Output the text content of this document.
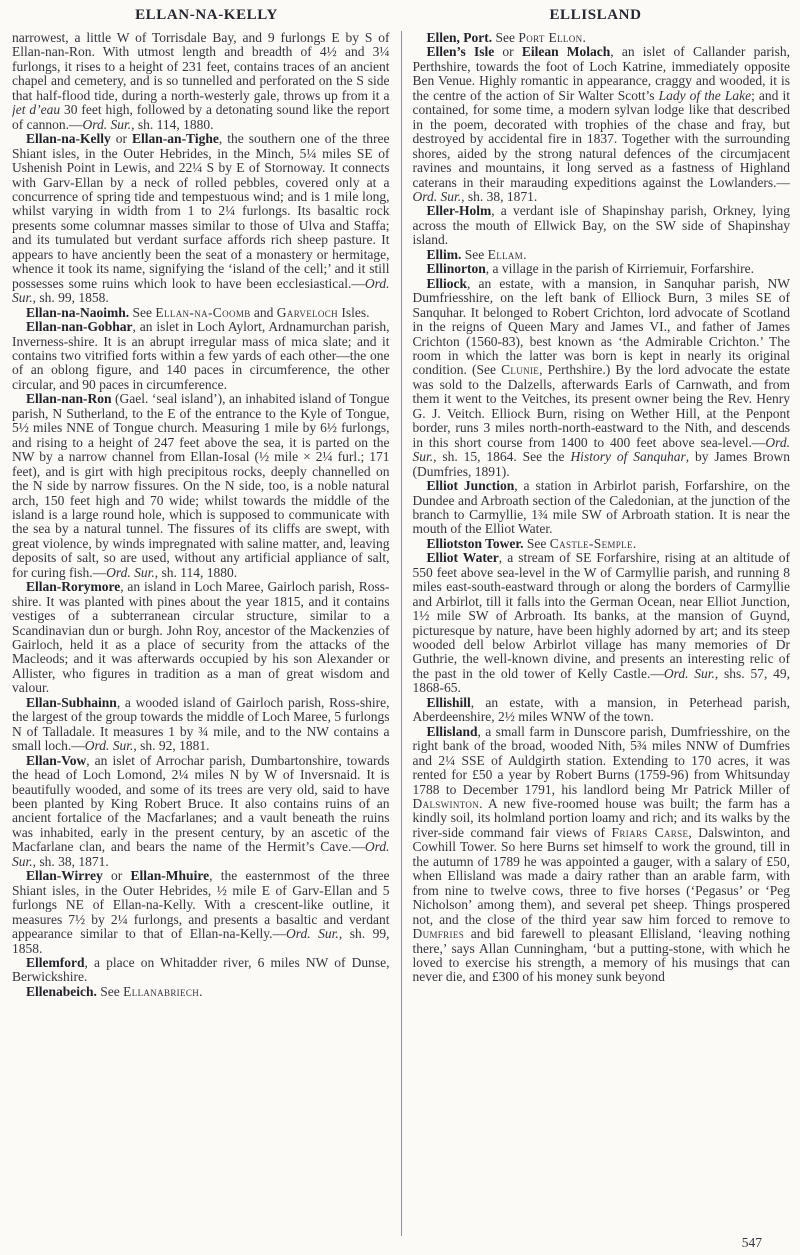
ELLAN-NA-KELLY	ELLISLAND

narrowest, a little W of Torrisdale Bay, and 9 furlongs E by S of Ellan-nan-Ron. With utmost length and breadth of 4½ and 3¼ furlongs, it rises to a height of 231 feet, contains traces of an ancient chapel and cemetery, and is so tunnelled and perforated on the S side that half-flood tide, during a north-westerly gale, throws up from it a jet d’eau 30 feet high, followed by a detonating sound like the report of cannon.—Ord. Sur., sh. 114, 1880.

Ellan-na-Kelly or Ellan-an-Tighe, the southern one of the three Shiant isles, in the Outer Hebrides, in the Minch, 5¼ miles SE of Ushenish Point in Lewis, and 22¼ S by E of Stornoway. It connects with Garv-Ellan by a neck of rolled pebbles, covered only at a concurrence of spring tide and tempestuous wind; and is 1 mile long, whilst varying in width from 1 to 2¼ furlongs. Its basaltic rock presents some columnar masses similar to those of Ulva and Staffa; and its tumulated but verdant surface affords rich sheep pasture. It appears to have anciently been the seat of a monastery or hermitage, whence it took its name, signifying the ‘island of the cell;’ and it still possesses some ruins which look to have been ecclesiastical.—Ord. Sur., sh. 99, 1858.

Ellan-na-Naoimh. See Ellan-na-Coomb and Garveloch Isles.

Ellan-nan-Gobhar, an islet in Loch Aylort, Ardnamurchan parish, Inverness-shire. It is an abrupt irregular mass of mica slate; and it contains two vitrified forts within a few yards of each other—the one of an oblong figure, and 140 paces in circumference, the other circular, and 90 paces in circumference.

Ellan-nan-Ron (Gael. ‘seal island’), an inhabited island of Tongue parish, N Sutherland, to the E of the entrance to the Kyle of Tongue, 5½ miles NNE of Tongue church. Measuring 1 mile by 6½ furlongs, and rising to a height of 247 feet above the sea, it is parted on the NW by a narrow channel from Ellan-Iosal (½ mile × 2¼ furl.; 171 feet), and is girt with high precipitous rocks, deeply channelled on the N side by narrow fissures. On the N side, too, is a noble natural arch, 150 feet high and 70 wide; whilst towards the middle of the island is a large round hole, which is supposed to communicate with the sea by a natural tunnel. The fissures of its cliffs are swept, with great violence, by winds impregnated with saline matter, and, leaving deposits of salt, so are used, without any artificial appliance of salt, for curing fish.—Ord. Sur., sh. 114, 1880.

Ellan-Rorymore, an island in Loch Maree, Gairloch parish, Ross-shire. It was planted with pines about the year 1815, and it contains vestiges of a subterranean circular structure, similar to a Scandinavian dun or burgh. John Roy, ancestor of the Mackenzies of Gairloch, held it as a place of security from the attacks of the Macleods; and it was afterwards occupied by his son Alexander or Allister, who figures in tradition as a man of great wisdom and valour.

Ellan-Subhainn, a wooded island of Gairloch parish, Ross-shire, the largest of the group towards the middle of Loch Maree, 5 furlongs N of Talladale. It measures 1 by ¾ mile, and to the NW contains a small loch.—Ord. Sur., sh. 92, 1881.

Ellan-Vow, an islet of Arrochar parish, Dumbartonshire, towards the head of Loch Lomond, 2¼ miles N by W of Inversnaid. It is beautifully wooded, and some of its trees are very old, said to have been planted by King Robert Bruce. It also contains ruins of an ancient fortalice of the Macfarlanes; and a vault beneath the ruins was inhabited, early in the present century, by an ascetic of the Macfarlane clan, and bears the name of the Hermit’s Cave.—Ord. Sur., sh. 38, 1871.

Ellan-Wirrey or Ellan-Mhuire, the easternmost of the three Shiant isles, in the Outer Hebrides, ½ mile E of Garv-Ellan and 5 furlongs NE of Ellan-na-Kelly. With a crescent-like outline, it measures 7½ by 2¼ furlongs, and presents a basaltic and verdant appearance similar to that of Ellan-na-Kelly.—Ord. Sur., sh. 99, 1858.

Ellemford, a place on Whitadder river, 6 miles NW of Dunse, Berwickshire.

Ellenabeich. See Ellanabriech.

Ellen, Port. See Port Ellon.

Ellen’s Isle or Eilean Molach, an islet of Callander parish, Perthshire, towards the foot of Loch Katrine, immediately opposite Ben Venue. Highly romantic in appearance, craggy and wooded, it is the centre of the action of Sir Walter Scott’s Lady of the Lake; and it contained, for some time, a modern sylvan lodge like that described in the poem, decorated with trophies of the chase and fray, but destroyed by accidental fire in 1837. Together with the surrounding shores, aided by the strong natural defences of the circumjacent ravines and mountains, it long served as a fastness of Highland caterans in their marauding expeditions against the Lowlanders.—Ord. Sur., sh. 38, 1871.

Eller-Holm, a verdant isle of Shapinshay parish, Orkney, lying across the mouth of Ellwick Bay, on the SW side of Shapinshay island.

Ellim. See Ellam.

Ellinorton, a village in the parish of Kirriemuir, Forfarshire.

Elliock, an estate, with a mansion, in Sanquhar parish, NW Dumfriesshire, on the left bank of Elliock Burn, 3 miles SE of Sanquhar. It belonged to Robert Crichton, lord advocate of Scotland in the reigns of Queen Mary and James VI., and father of James Crichton (1560-83), best known as ‘the Admirable Crichton.’ The room in which the latter was born is kept in nearly its original condition. (See Clunie, Perthshire.) By the lord advocate the estate was sold to the Dalzells, afterwards Earls of Carnwath, and from them it went to the Veitches, its present owner being the Rev. Henry G. J. Veitch. Elliock Burn, rising on Wether Hill, at the Penpont border, runs 3 miles north-north-eastward to the Nith, and descends in this short course from 1400 to 400 feet above sea-level.—Ord. Sur., sh. 15, 1864. See the History of Sanquhar, by James Brown (Dumfries, 1891).

Elliot Junction, a station in Arbirlot parish, Forfarshire, on the Dundee and Arbroath section of the Caledonian, at the junction of the branch to Carmyllie, 1¾ mile SW of Arbroath station. It is near the mouth of the Elliot Water.

Elliotston Tower. See Castle-Semple.

Elliot Water, a stream of SE Forfarshire, rising at an altitude of 550 feet above sea-level in the W of Carmyllie parish, and running 8 miles east-south-eastward through or along the borders of Carmyllie and Arbirlot, till it falls into the German Ocean, near Elliot Junction, 1½ mile SW of Arbroath. Its banks, at the mansion of Guynd, picturesque by nature, have been highly adorned by art; and its steep wooded dell below Arbirlot village has many memories of Dr Guthrie, the well-known divine, and presents an interesting relic of the past in the old tower of Kelly Castle.—Ord. Sur., shs. 57, 49, 1868-65.

Ellishill, an estate, with a mansion, in Peterhead parish, Aberdeenshire, 2½ miles WNW of the town.

Ellisland, a small farm in Dunscore parish, Dumfriesshire, on the right bank of the broad, wooded Nith, 5¾ miles NNW of Dumfries and 2¼ SSE of Auldgirth station. Extending to 170 acres, it was rented for £50 a year by Robert Burns (1759-96) from Whitsunday 1788 to December 1791, his landlord being Mr Patrick Miller of Dalswinton. A new five-roomed house was built; the farm has a kindly soil, its holmland portion loamy and rich; and its walks by the river-side command fair views of Friars Carse, Dalswinton, and Cowhill Tower. So here Burns set himself to work the ground, till in the autumn of 1789 he was appointed a gauger, with a salary of £50, when Ellisland was made a dairy rather than an arable farm, with from nine to twelve cows, three to five horses (‘Pegasus’ or ‘Peg Nicholson’ among them), and several pet sheep. Things prospered not, and the close of the third year saw him forced to remove to Dumfries and bid farewell to pleasant Ellisland, ‘leaving nothing there,’ says Allan Cunningham, ‘but a putting-stone, with which he loved to exercise his strength, a memory of his musings that can never die, and £300 of his money sunk beyond

547
